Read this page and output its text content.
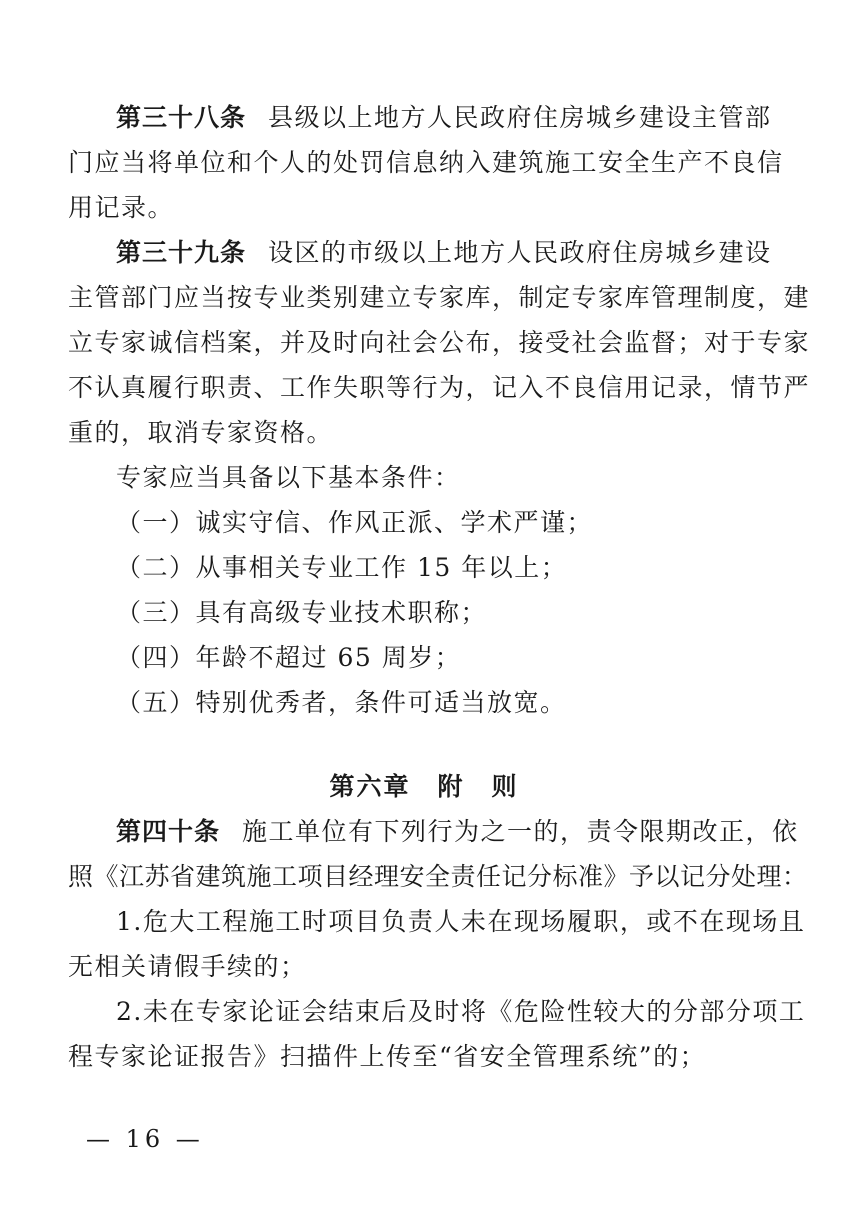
第三十八条 县级以上地方人民政府住房城乡建设主管部
门应当将单位和个人的处罚信息纳入建筑施工安全生产不良信
用记录。
第三十九条 设区的市级以上地方人民政府住房城乡建设
主管部门应当按专业类别建立专家库，制定专家库管理制度，建
立专家诚信档案，并及时向社会公布，接受社会监督；对于专家
不认真履行职责、工作失职等行为，记入不良信用记录，情节严
重的，取消专家资格。
专家应当具备以下基本条件：
（一）诚实守信、作风正派、学术严谨；
（二）从事相关专业工作 15 年以上；
（三）具有高级专业技术职称；
（四）年龄不超过 65 周岁；
（五）特别优秀者，条件可适当放宽。
第六章　附　则
第四十条 施工单位有下列行为之一的，责令限期改正，依
照《江苏省建筑施工项目经理安全责任记分标准》予以记分处理：
1.危大工程施工时项目负责人未在现场履职，或不在现场且
无相关请假手续的；
2.未在专家论证会结束后及时将《危险性较大的分部分项工
程专家论证报告》扫描件上传至“省安全管理系统”的；
— 16 —
